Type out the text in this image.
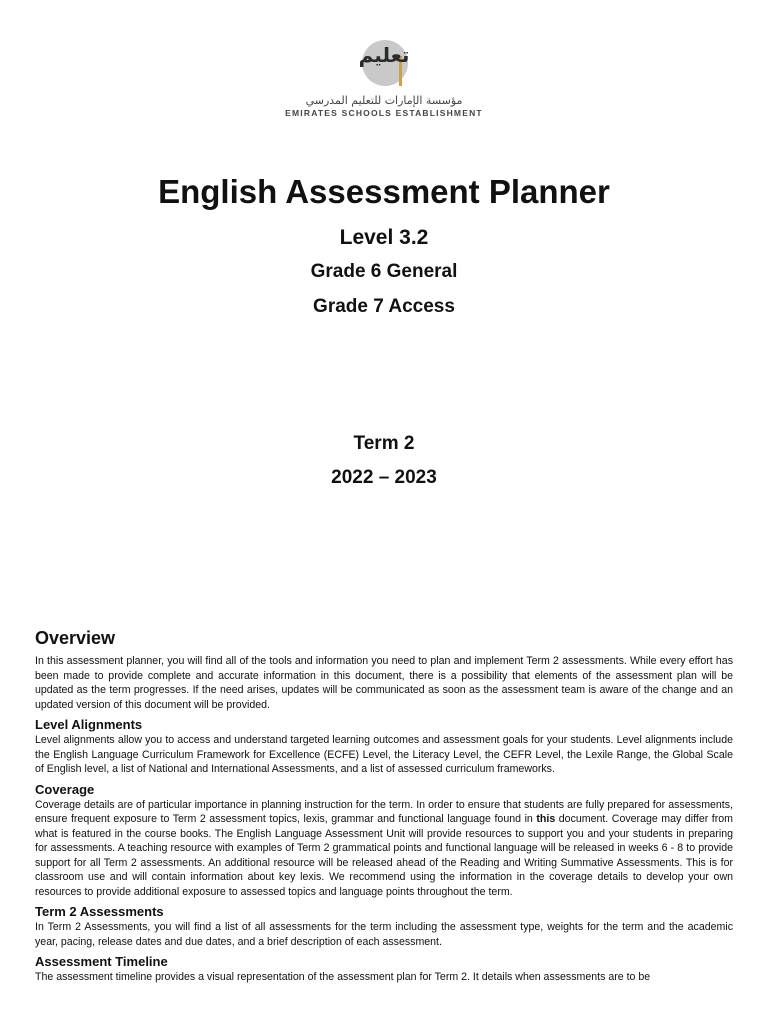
تعليم
مؤسسة الإمارات للتعليم المدرسي
EMIRATES SCHOOLS ESTABLISHMENT
English Assessment Planner
Level 3.2
Grade 6 General
Grade 7 Access
Term 2
2022 – 2023
Overview

In this assessment planner, you will find all of the tools and information you need to plan and implement Term 2 assessments. While every effort has been made to provide complete and accurate information in this document, there is a possibility that elements of the assessment plan will be updated as the term progresses. If the need arises, updates will be communicated as soon as the assessment team is aware of the change and an updated version of this document will be provided.

Level Alignments

Level alignments allow you to access and understand targeted learning outcomes and assessment goals for your students. Level alignments include the English Language Curriculum Framework for Excellence (ECFE) Level, the Literacy Level, the CEFR Level, the Lexile Range, the Global Scale of English level, a list of National and International Assessments, and a list of assessed curriculum frameworks.

Coverage

Coverage details are of particular importance in planning instruction for the term. In order to ensure that students are fully prepared for assessments, ensure frequent exposure to Term 2 assessment topics, lexis, grammar and functional language found in this document. Coverage may differ from what is featured in the course books. The English Language Assessment Unit will provide resources to support you and your students in preparing for assessments. A teaching resource with examples of Term 2 grammatical points and functional language will be released in weeks 6 - 8 to provide support for all Term 2 assessments. An additional resource will be released ahead of the Reading and Writing Summative Assessments. This is for classroom use and will contain information about key lexis. We recommend using the information in the coverage details to develop your own resources to provide additional exposure to assessed topics and language points throughout the term.

Term 2 Assessments

In Term 2 Assessments, you will find a list of all assessments for the term including the assessment type, weights for the term and the academic year, pacing, release dates and due dates, and a brief description of each assessment.

Assessment Timeline

The assessment timeline provides a visual representation of the assessment plan for Term 2. It details when assessments are to be
